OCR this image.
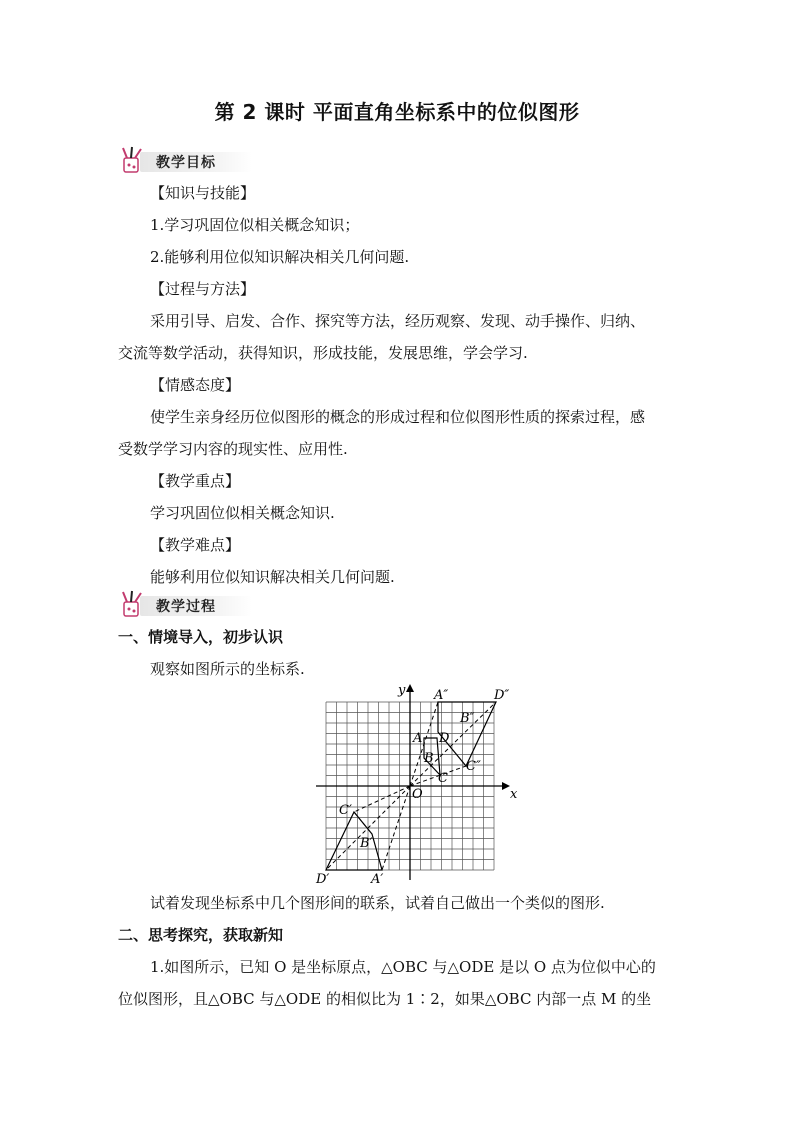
第 2 课时 平面直角坐标系中的位似图形
教学目标
【知识与技能】
1.学习巩固位似相关概念知识；
2.能够利用位似知识解决相关几何问题.
【过程与方法】
采用引导、启发、合作、探究等方法，经历观察、发现、动手操作、归纳、
交流等数学活动，获得知识，形成技能，发展思维，学会学习.
【情感态度】
使学生亲身经历位似图形的概念的形成过程和位似图形性质的探索过程，感
受数学学习内容的现实性、应用性.
【教学重点】
学习巩固位似相关概念知识.
【教学难点】
能够利用位似知识解决相关几何问题.
教学过程
一、情境导入，初步认识
观察如图所示的坐标系.
x
y
O
A
B
C
D
A″
B″
C″
D″
A′
B′
C′
D′
试着发现坐标系中几个图形间的联系，试着自己做出一个类似的图形.
二、思考探究，获取新知
1.如图所示，已知 O 是坐标原点，△OBC 与△ODE 是以 O 点为位似中心的
位似图形，且△OBC 与△ODE 的相似比为 1∶2，如果△OBC 内部一点 M 的坐
